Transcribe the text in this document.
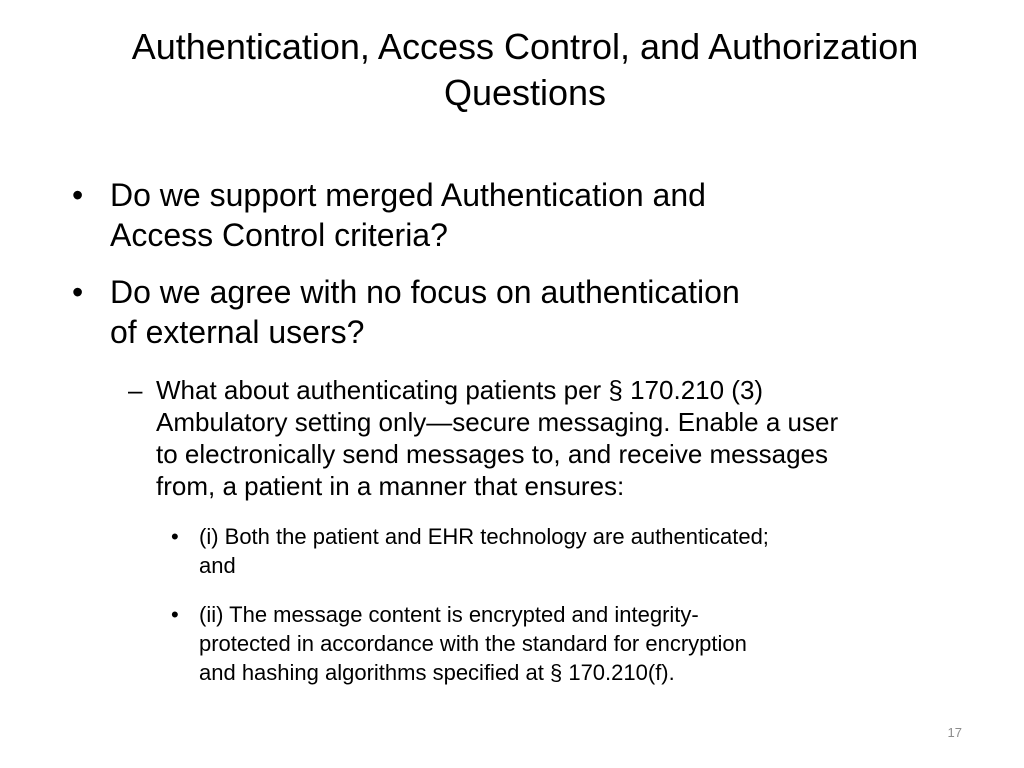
Authentication, Access Control, and Authorization
Questions
• Do we support merged Authentication and
Access Control criteria?
• Do we agree with no focus on authentication
of external users?
– What about authenticating patients per § 170.210 (3)
Ambulatory setting only—secure messaging. Enable a user
to electronically send messages to, and receive messages
from, a patient in a manner that ensures:
• (i) Both the patient and EHR technology are authenticated;
and
• (ii) The message content is encrypted and integrity-
protected in accordance with the standard for encryption
and hashing algorithms specified at § 170.210(f).
17
